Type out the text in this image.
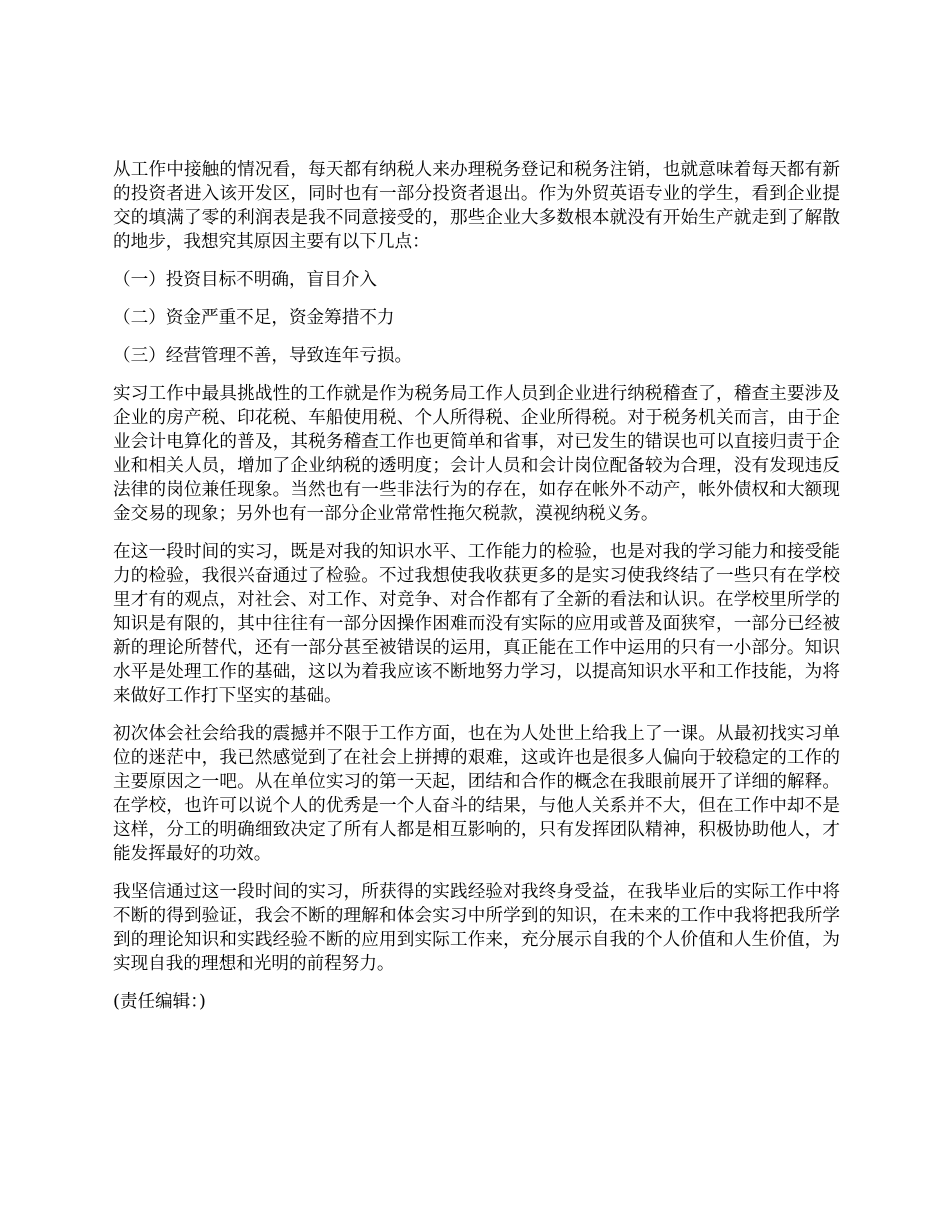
从工作中接触的情况看，每天都有纳税人来办理税务登记和税务注销，也就意味着每天都有新的投资者进入该开发区，同时也有一部分投资者退出。作为外贸英语专业的学生，看到企业提交的填满了零的利润表是我不同意接受的，那些企业大多数根本就没有开始生产就走到了解散的地步，我想究其原因主要有以下几点：

（一）投资目标不明确，盲目介入

（二）资金严重不足，资金筹措不力

（三）经营管理不善，导致连年亏损。

实习工作中最具挑战性的工作就是作为税务局工作人员到企业进行纳税稽查了，稽查主要涉及企业的房产税、印花税、车船使用税、个人所得税、企业所得税。对于税务机关而言，由于企业会计电算化的普及，其税务稽查工作也更简单和省事，对已发生的错误也可以直接归责于企业和相关人员，增加了企业纳税的透明度；会计人员和会计岗位配备较为合理，没有发现违反法律的岗位兼任现象。当然也有一些非法行为的存在，如存在帐外不动产，帐外债权和大额现金交易的现象；另外也有一部分企业常常性拖欠税款，漠视纳税义务。

在这一段时间的实习，既是对我的知识水平、工作能力的检验，也是对我的学习能力和接受能力的检验，我很兴奋通过了检验。不过我想使我收获更多的是实习使我终结了一些只有在学校里才有的观点，对社会、对工作、对竞争、对合作都有了全新的看法和认识。在学校里所学的知识是有限的，其中往往有一部分因操作困难而没有实际的应用或普及面狭窄，一部分已经被新的理论所替代，还有一部分甚至被错误的运用，真正能在工作中运用的只有一小部分。知识水平是处理工作的基础，这以为着我应该不断地努力学习，以提高知识水平和工作技能，为将来做好工作打下坚实的基础。

初次体会社会给我的震撼并不限于工作方面，也在为人处世上给我上了一课。从最初找实习单位的迷茫中，我已然感觉到了在社会上拼搏的艰难，这或许也是很多人偏向于较稳定的工作的主要原因之一吧。从在单位实习的第一天起，团结和合作的概念在我眼前展开了详细的解释。在学校，也许可以说个人的优秀是一个人奋斗的结果，与他人关系并不大，但在工作中却不是这样，分工的明确细致决定了所有人都是相互影响的，只有发挥团队精神，积极协助他人，才能发挥最好的功效。

我坚信通过这一段时间的实习，所获得的实践经验对我终身受益，在我毕业后的实际工作中将不断的得到验证，我会不断的理解和体会实习中所学到的知识，在未来的工作中我将把我所学到的理论知识和实践经验不断的应用到实际工作来，充分展示自我的个人价值和人生价值，为实现自我的理想和光明的前程努力。

(责任编辑：)
